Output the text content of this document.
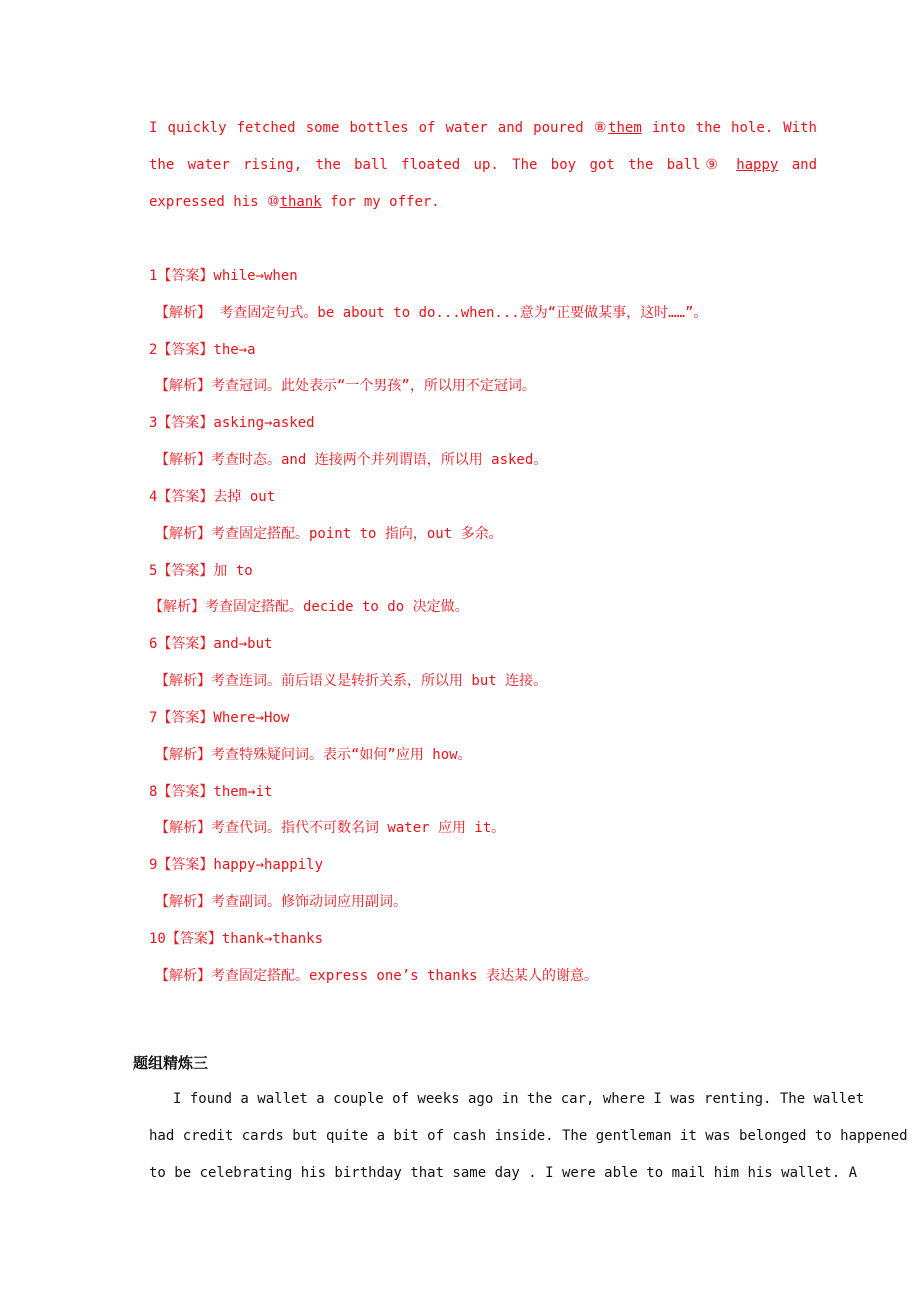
I quickly fetched some bottles of water and poured ⑧them into the hole. With the water rising, the ball floated up. The boy got the ball⑨ happy and expressed his ⑩thank for my offer.
1【答案】while→when
【解析】 考查固定句式。be about to do...when...意为“正要做某事，这时……”。
2【答案】the→a
【解析】考查冠词。此处表示“一个男孩”，所以用不定冠词。
3【答案】asking→asked
【解析】考查时态。and 连接两个并列谓语，所以用 asked。
4【答案】去掉 out
【解析】考查固定搭配。point to 指向，out 多余。
5【答案】加 to
【解析】考查固定搭配。decide to do 决定做。
6【答案】and→but
【解析】考查连词。前后语义是转折关系，所以用 but 连接。
7【答案】Where→How
【解析】考查特殊疑问词。表示“如何”应用 how。
8【答案】them→it
【解析】考查代词。指代不可数名词 water 应用 it。
9【答案】happy→happily
【解析】考查副词。修饰动词应用副词。
10【答案】thank→thanks
【解析】考查固定搭配。express one’s thanks 表达某人的谢意。
题组精炼三
I found a wallet a couple of weeks ago in the car, where I was renting. The wallet
had credit cards but quite a bit of cash inside. The gentleman it was belonged to happened
to be celebrating his birthday that same day . I were able to mail him his wallet. A
